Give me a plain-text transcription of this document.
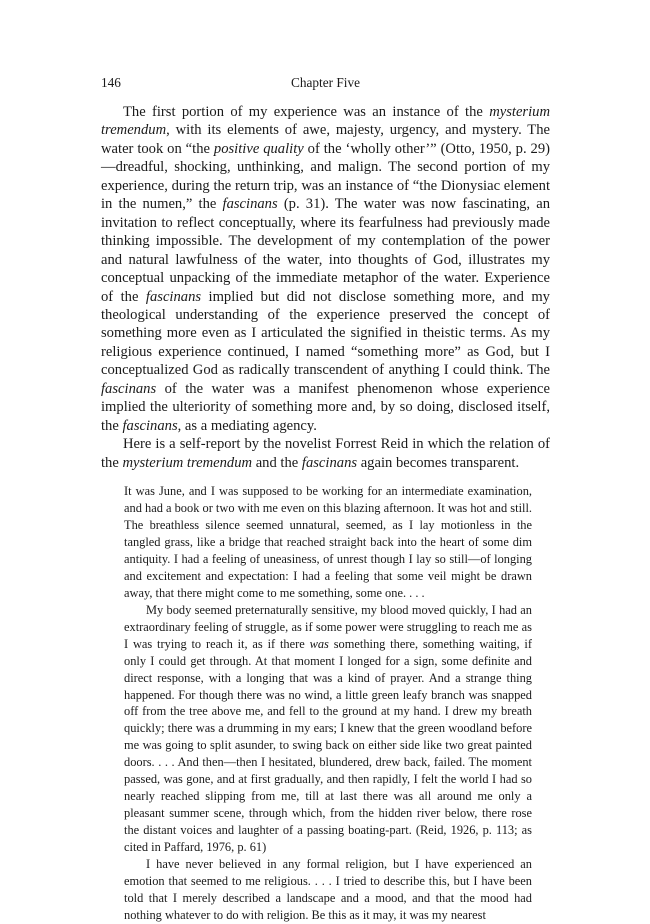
146	Chapter Five

The first portion of my experience was an instance of the mysterium tremendum, with its elements of awe, majesty, urgency, and mystery. The water took on “the positive quality of the ‘wholly other’” (Otto, 1950, p. 29)—dreadful, shocking, unthinking, and malign. The second portion of my experience, during the return trip, was an instance of “the Dionysiac element in the numen,” the fascinans (p. 31). The water was now fascinating, an invitation to reflect conceptually, where its fearfulness had previously made thinking impossible. The development of my contemplation of the power and natural lawfulness of the water, into thoughts of God, illustrates my conceptual unpacking of the immediate metaphor of the water. Experience of the fascinans implied but did not disclose something more, and my theological understanding of the experience preserved the concept of something more even as I articulated the signified in theistic terms. As my religious experience continued, I named “something more” as God, but I conceptualized God as radically transcendent of anything I could think. The fascinans of the water was a manifest phenomenon whose experience implied the ulteriority of something more and, by so doing, disclosed itself, the fascinans, as a mediating agency.

Here is a self-report by the novelist Forrest Reid in which the relation of the mysterium tremendum and the fascinans again becomes transparent.

It was June, and I was supposed to be working for an intermediate examination, and had a book or two with me even on this blazing afternoon. It was hot and still. The breathless silence seemed unnatural, seemed, as I lay motionless in the tangled grass, like a bridge that reached straight back into the heart of some dim antiquity. I had a feeling of uneasiness, of unrest though I lay so still—of longing and excitement and expectation: I had a feeling that some veil might be drawn away, that there might come to me something, some one. . . .

My body seemed preternaturally sensitive, my blood moved quickly, I had an extraordinary feeling of struggle, as if some power were struggling to reach me as I was trying to reach it, as if there was something there, something waiting, if only I could get through. At that moment I longed for a sign, some definite and direct response, with a longing that was a kind of prayer. And a strange thing happened. For though there was no wind, a little green leafy branch was snapped off from the tree above me, and fell to the ground at my hand. I drew my breath quickly; there was a drumming in my ears; I knew that the green woodland before me was going to split asunder, to swing back on either side like two great painted doors. . . . And then—then I hesitated, blundered, drew back, failed. The moment passed, was gone, and at first gradually, and then rapidly, I felt the world I had so nearly reached slipping from me, till at last there was all around me only a pleasant summer scene, through which, from the hidden river below, there rose the distant voices and laughter of a passing boating-part. (Reid, 1926, p. 113; as cited in Paffard, 1976, p. 61)

I have never believed in any formal religion, but I have experienced an emotion that seemed to me religious. . . . I tried to describe this, but I have been told that I merely described a landscape and a mood, and that the mood had nothing whatever to do with religion. Be this as it may, it was my nearest
